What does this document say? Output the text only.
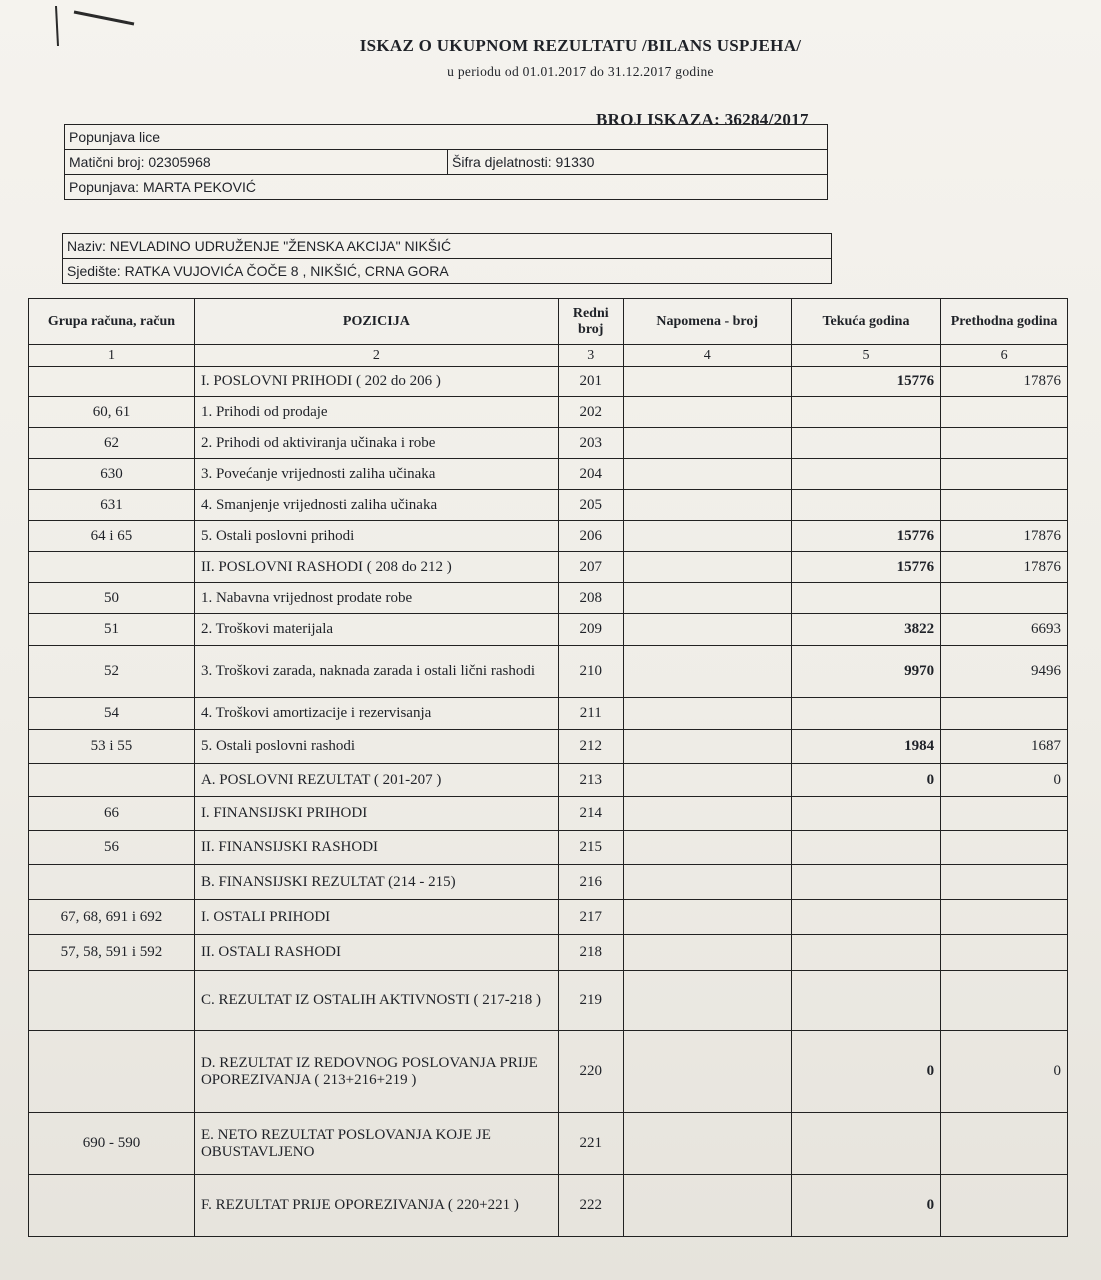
ISKAZ O UKUPNOM REZULTATU /BILANS USPJEHA/
u periodu od 01.01.2017 do 31.12.2017 godine
BROJ ISKAZA: 36284/2017
Popunjava lice
Matični broj: 02305968	Šifra djelatnosti: 91330
Popunjava: MARTA PEKOVIĆ
Naziv: NEVLADINO UDRUŽENJE "ŽENSKA AKCIJA" NIKŠIĆ
Sjedište: RATKA VUJOVIĆA ČOČE 8 , NIKŠIĆ, CRNA GORA
Grupa računa, račun	POZICIJA	Redni broj	Napomena - broj	Tekuća godina	Prethodna godina
1	2	3	4	5	6
	I. POSLOVNI PRIHODI ( 202 do 206 )	201		15776	17876
60, 61	1. Prihodi od prodaje	202			
62	2. Prihodi od aktiviranja učinaka i robe	203			
630	3. Povećanje vrijednosti zaliha učinaka	204			
631	4. Smanjenje vrijednosti zaliha učinaka	205			
64 i 65	5. Ostali poslovni prihodi	206		15776	17876
	II. POSLOVNI RASHODI ( 208 do 212 )	207		15776	17876
50	1. Nabavna vrijednost prodate robe	208			
51	2. Troškovi materijala	209		3822	6693
52	3. Troškovi zarada, naknada zarada i ostali lični rashodi	210		9970	9496
54	4. Troškovi amortizacije i rezervisanja	211			
53 i 55	5. Ostali poslovni rashodi	212		1984	1687
	A. POSLOVNI REZULTAT ( 201-207 )	213		0	0
66	I. FINANSIJSKI PRIHODI	214			
56	II. FINANSIJSKI RASHODI	215			
	B. FINANSIJSKI REZULTAT (214 - 215)	216			
67, 68, 691 i 692	I. OSTALI PRIHODI	217			
57, 58, 591 i 592	II. OSTALI RASHODI	218			
	C. REZULTAT IZ OSTALIH AKTIVNOSTI ( 217-218 )	219			
	D. REZULTAT IZ REDOVNOG POSLOVANJA PRIJE OPOREZIVANJA ( 213+216+219 )	220		0	0
690 - 590	E. NETO REZULTAT POSLOVANJA KOJE JE OBUSTAVLJENO	221			
	F. REZULTAT PRIJE OPOREZIVANJA ( 220+221 )	222		0	
